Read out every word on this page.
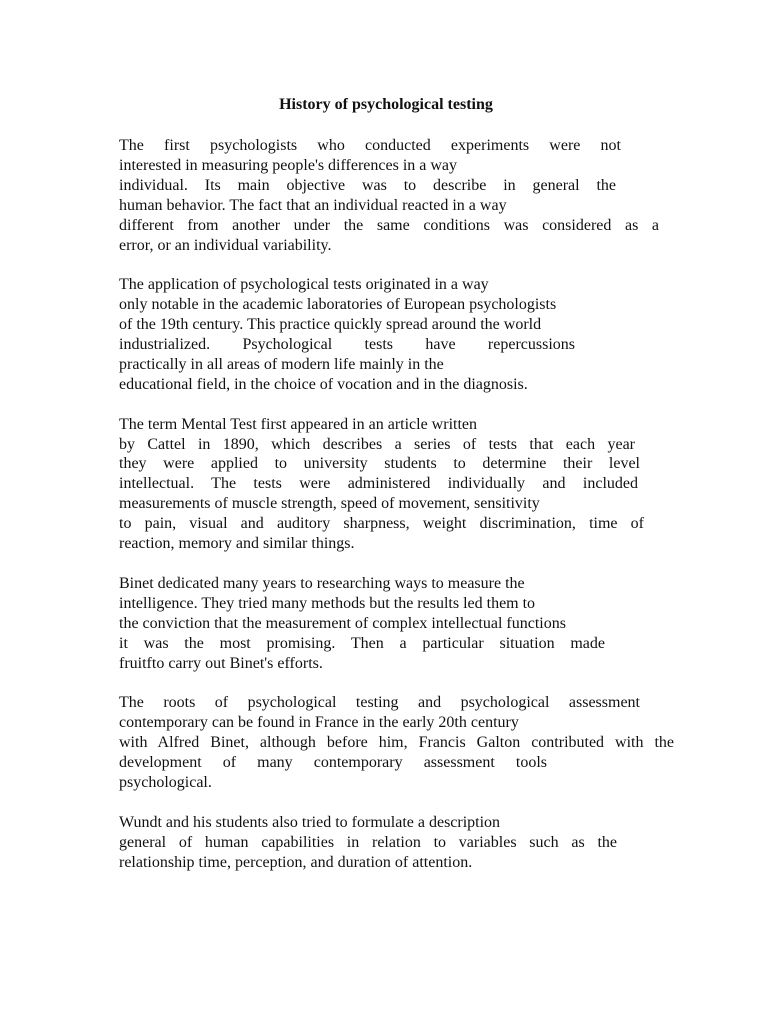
History of psychological testing

The first psychologists who conducted experiments were not
interested in measuring people's differences in a way
individual. Its main objective was to describe in general the
human behavior. The fact that an individual reacted in a way
different from another under the same conditions was considered as a
error, or an individual variability.

The application of psychological tests originated in a way
only notable in the academic laboratories of European psychologists
of the 19th century. This practice quickly spread around the world
industrialized. Psychological tests have repercussions
practically in all areas of modern life mainly in the
educational field, in the choice of vocation and in the diagnosis.

The term Mental Test first appeared in an article written
by Cattel in 1890, which describes a series of tests that each year
they were applied to university students to determine their level
intellectual. The tests were administered individually and included
measurements of muscle strength, speed of movement, sensitivity
to pain, visual and auditory sharpness, weight discrimination, time of
reaction, memory and similar things.

Binet dedicated many years to researching ways to measure the
intelligence. They tried many methods but the results led them to
the conviction that the measurement of complex intellectual functions
it was the most promising. Then a particular situation made
fruitfto carry out Binet's efforts.

The roots of psychological testing and psychological assessment
contemporary can be found in France in the early 20th century
with Alfred Binet, although before him, Francis Galton contributed with the
development of many contemporary assessment tools
psychological.

Wundt and his students also tried to formulate a description
general of human capabilities in relation to variables such as the
relationship time, perception, and duration of attention.
